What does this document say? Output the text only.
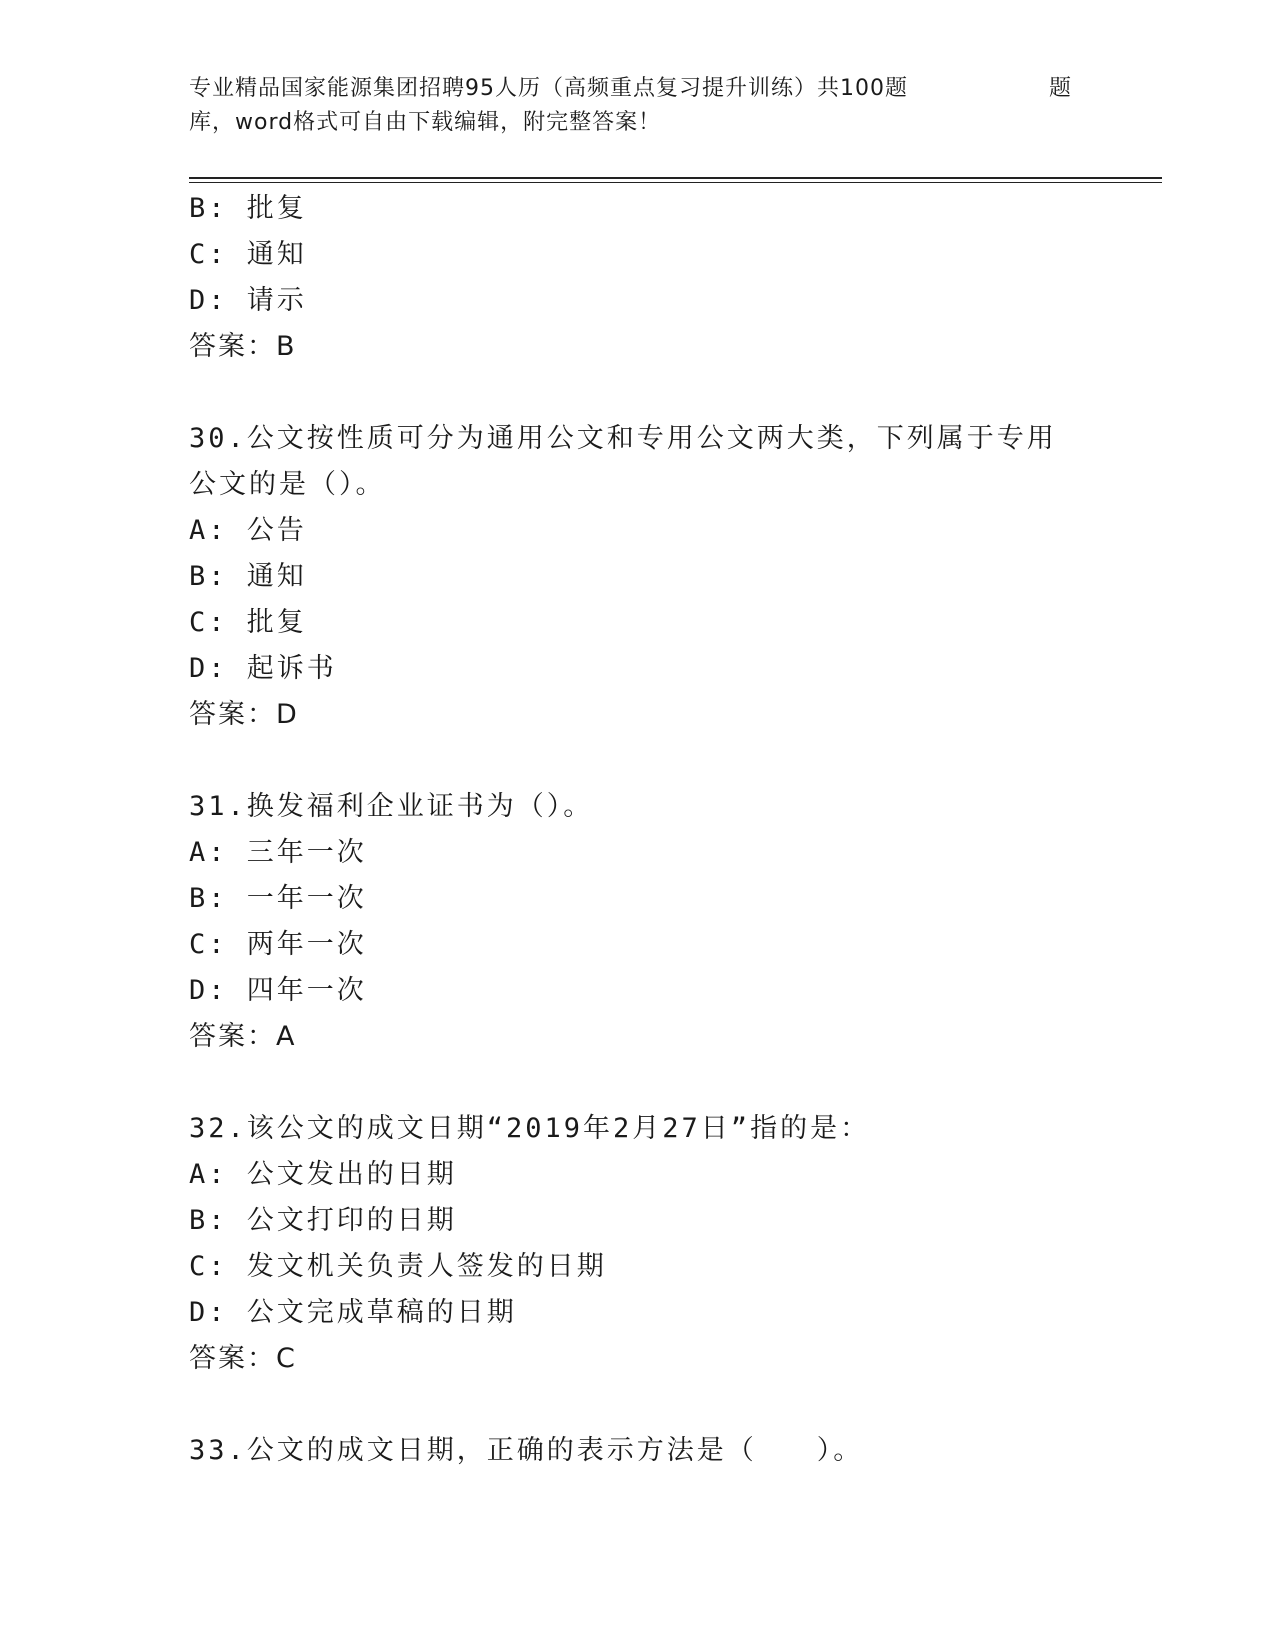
专业精品国家能源集团招聘95人历（高频重点复习提升训练）共100题	题
库，word格式可自由下载编辑，附完整答案！
B: 批复
C: 通知
D: 请示
答案：B
30.公文按性质可分为通用公文和专用公文两大类，下列属于专用公文的是（）。
A: 公告
B: 通知
C: 批复
D: 起诉书
答案：D
31.换发福利企业证书为（）。
A: 三年一次
B: 一年一次
C: 两年一次
D: 四年一次
答案：A
32.该公文的成文日期“2019年2月27日”指的是：
A: 公文发出的日期
B: 公文打印的日期
C: 发文机关负责人签发的日期
D: 公文完成草稿的日期
答案：C
33.公文的成文日期，正确的表示方法是（ ）。
